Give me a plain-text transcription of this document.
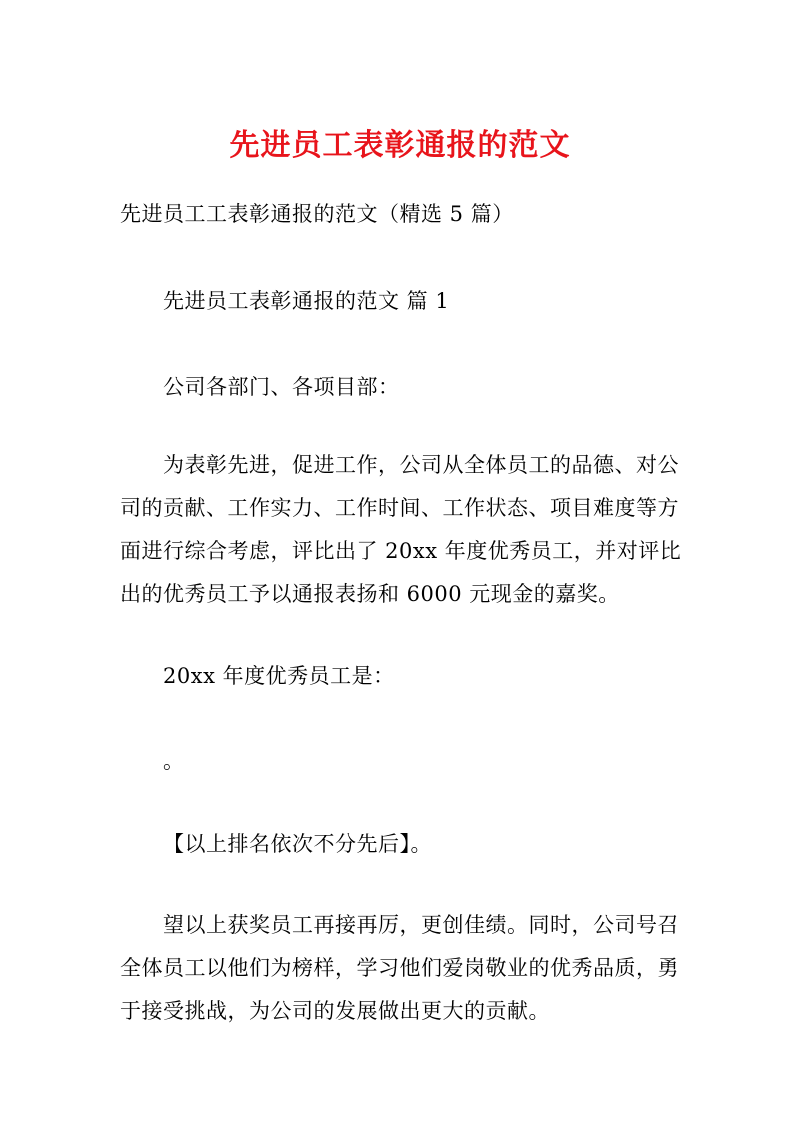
先进员工表彰通报的范文
先进员工工表彰通报的范文（精选 5 篇）
先进员工表彰通报的范文 篇 1
公司各部门、各项目部：
为表彰先进，促进工作，公司从全体员工的品德、对公
司的贡献、工作实力、工作时间、工作状态、项目难度等方
面进行综合考虑，评比出了 20xx 年度优秀员工，并对评比
出的优秀员工予以通报表扬和 6000 元现金的嘉奖。
20xx 年度优秀员工是：
。
【以上排名依次不分先后】。
望以上获奖员工再接再厉，更创佳绩。同时，公司号召
全体员工以他们为榜样，学习他们爱岗敬业的优秀品质，勇
于接受挑战，为公司的发展做出更大的贡献。
